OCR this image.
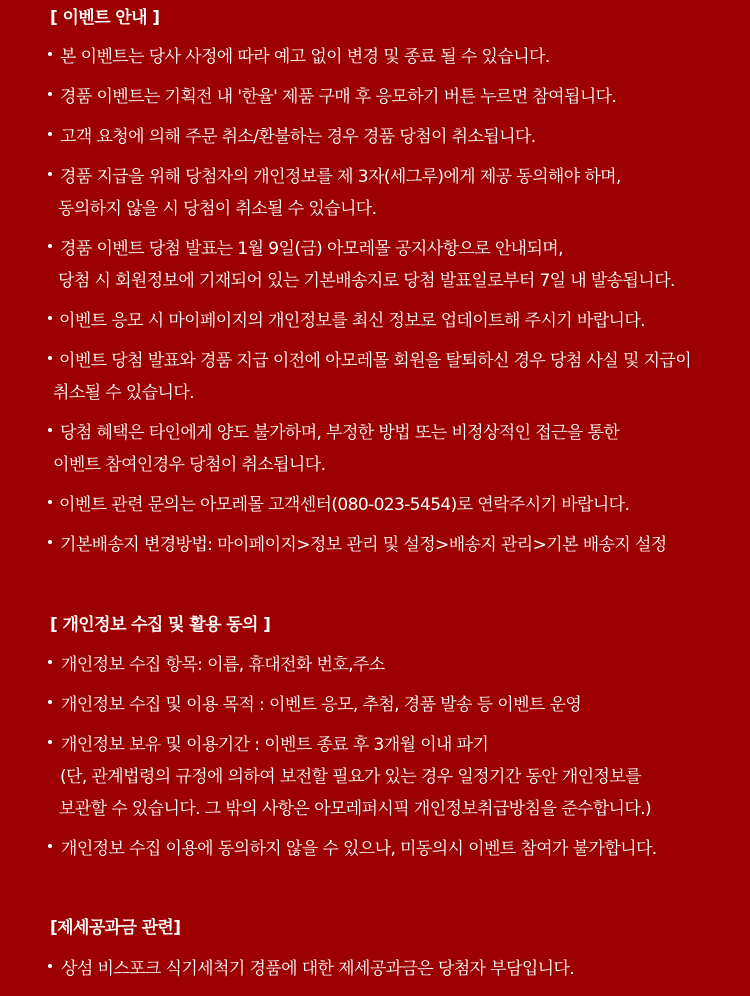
[ 이벤트 안내 ]
본 이벤트는 당사 사정에 따라 예고 없이 변경 및 종료 될 수 있습니다.
경품 이벤트는 기획전 내 '한율' 제품 구매 후 응모하기 버튼 누르면 참여됩니다.
고객 요청에 의해 주문 취소/환불하는 경우 경품 당첨이 취소됩니다.
경품 지급을 위해 당첨자의 개인정보를 제 3자(세그루)에게 제공 동의해야 하며,
동의하지 않을 시 당첨이 취소될 수 있습니다.
경품 이벤트 당첨 발표는 1월 9일(금) 아모레몰 공지사항으로 안내되며,
당첨 시 회원정보에 기재되어 있는 기본배송지로 당첨 발표일로부터 7일 내 발송됩니다.
이벤트 응모 시 마이페이지의 개인정보를 최신 정보로 업데이트해 주시기 바랍니다.
이벤트 당첨 발표와 경품 지급 이전에 아모레몰 회원을 탈퇴하신 경우 당첨 사실 및 지급이
취소될 수 있습니다.
당첨 혜택은 타인에게 양도 불가하며, 부정한 방법 또는 비정상적인 접근을 통한
이벤트 참여인경우 당첨이 취소됩니다.
이벤트 관련 문의는 아모레몰 고객센터(080-023-5454)로 연락주시기 바랍니다.
기본배송지 변경방법: 마이페이지>정보 관리 및 설정>배송지 관리>기본 배송지 설정
[ 개인정보 수집 및 활용 동의 ]
개인정보 수집 항목: 이름, 휴대전화 번호,주소
개인정보 수집 및 이용 목적 : 이벤트 응모, 추첨, 경품 발송 등 이벤트 운영
개인정보 보유 및 이용기간 : 이벤트 종료 후 3개월 이내 파기
(단, 관계법령의 규정에 의하여 보전할 필요가 있는 경우 일정기간 동안 개인정보를
보관할 수 있습니다. 그 밖의 사항은 아모레퍼시픽 개인정보취급방침을 준수합니다.)
개인정보 수집 이용에 동의하지 않을 수 있으나, 미동의시 이벤트 참여가 불가합니다.
[제세공과금 관련]
상섬 비스포크 식기세척기 경품에 대한 제세공과금은 당첨자 부담입니다.
